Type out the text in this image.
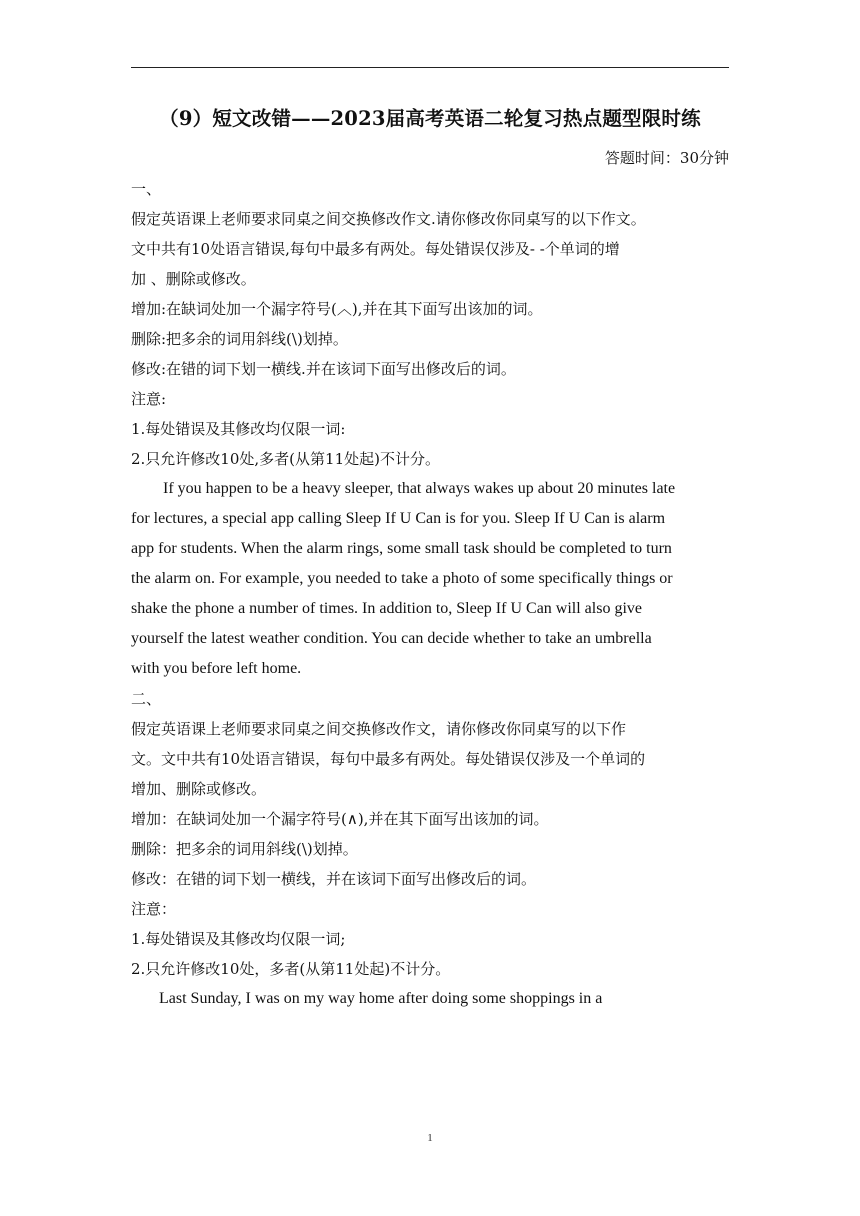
（9）短文改错——2023届高考英语二轮复习热点题型限时练
答题时间：30分钟
一、
假定英语课上老师要求同桌之间交换修改作文.请你修改你同桌写的以下作文。
文中共有10处语言错误,每句中最多有两处。每处错误仅涉及- -个单词的增
加 、删除或修改。
增加:在缺词处加一个漏字符号(︿),并在其下面写出该加的词。
删除:把多余的词用斜线(\)划掉。
修改:在错的词下划一横线.并在该词下面写出修改后的词。
注意:
1.每处错误及其修改均仅限一词:
2.只允许修改10处,多者(从第11处起)不计分。
If you happen to be a heavy sleeper, that always wakes up about 20 minutes late
for lectures, a special app calling Sleep If U Can is for you. Sleep If U Can is alarm
app for students. When the alarm rings, some small task should be completed to turn
the alarm on. For example, you needed to take a photo of some specifically things or
shake the phone a number of times. In addition to, Sleep If U Can will also give
yourself the latest weather condition. You can decide whether to take an umbrella
with you before left home.
二、
假定英语课上老师要求同桌之间交换修改作文，请你修改你同桌写的以下作
文。文中共有10处语言错误，每句中最多有两处。每处错误仅涉及一个单词的
增加、删除或修改。
增加：在缺词处加一个漏字符号(∧),并在其下面写出该加的词。
删除：把多余的词用斜线(\)划掉。
修改：在错的词下划一横线，并在该词下面写出修改后的词。
注意：
1.每处错误及其修改均仅限一词;
2.只允许修改10处，多者(从第11处起)不计分。
Last Sunday, I was on my way home after doing some shoppings in a
1
